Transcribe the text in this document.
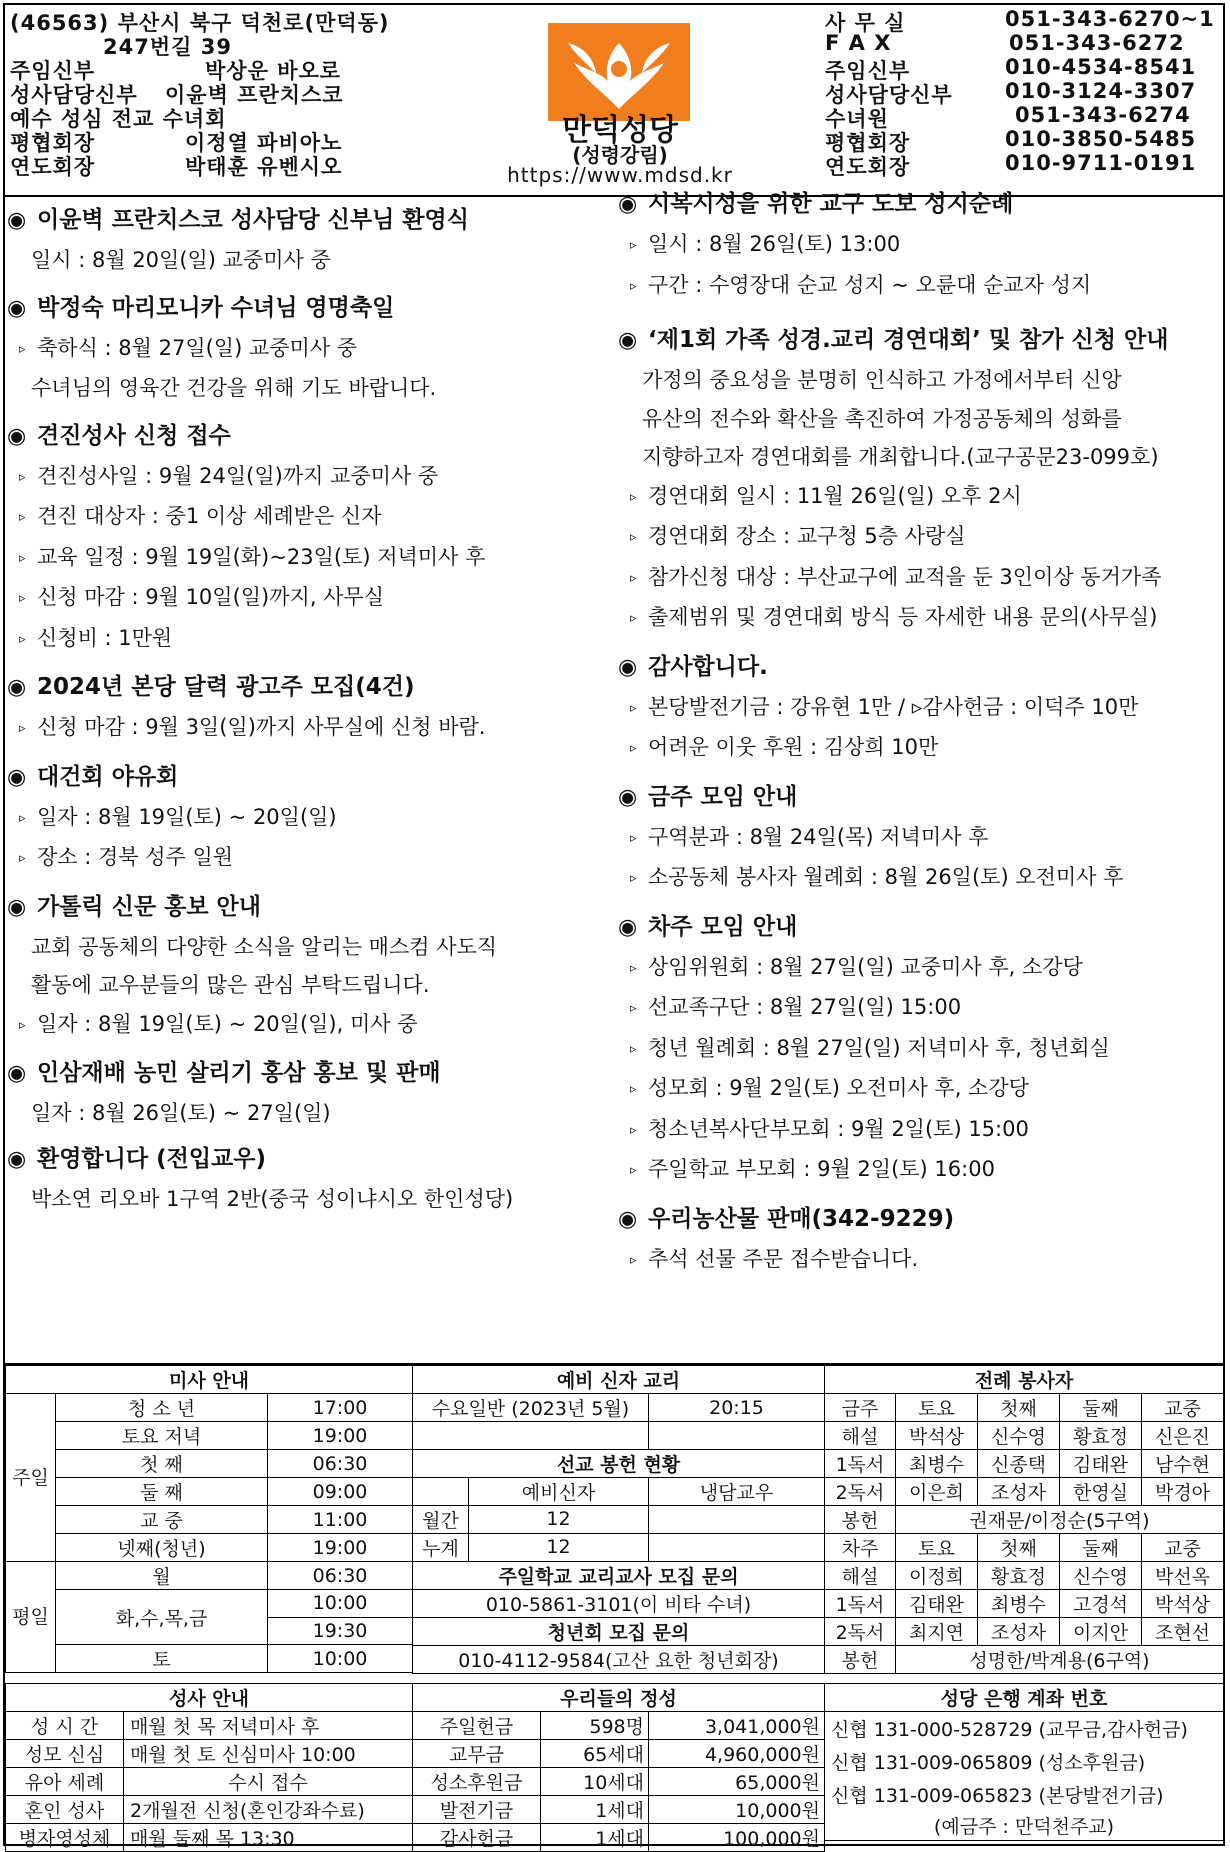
(46563) 부산시 북구 덕천로(만덕동)
247번길 39
주임신부	박상운 바오로
성사담당신부 이윤벽 프란치스코
예수 성심 전교 수녀회
평협회장	이정열 파비아노
연도회장	박태훈 유벤시오
만덕성당
(성령강림)
https://www.mdsd.kr
사 무 실	051-343-6270~1
F A X	051-343-6272
주임신부	010-4534-8541
성사담당신부 010-3124-3307
수녀원	051-343-6274
평협회장	010-3850-5485
연도회장	010-9711-0191
◉ 이윤벽 프란치스코 성사담당 신부님 환영식
일시 : 8월 20일(일) 교중미사 중
◉ 박정숙 마리모니카 수녀님 영명축일
▹ 축하식 : 8월 27일(일) 교중미사 중
수녀님의 영육간 건강을 위해 기도 바랍니다.
◉ 견진성사 신청 접수
▹ 견진성사일 : 9월 24일(일)까지 교중미사 중
▹ 견진 대상자 : 중1 이상 세례받은 신자
▹ 교육 일정 : 9월 19일(화)~23일(토) 저녁미사 후
▹ 신청 마감 : 9월 10일(일)까지, 사무실
▹ 신청비 : 1만원
◉ 2024년 본당 달력 광고주 모집(4건)
▹ 신청 마감 : 9월 3일(일)까지 사무실에 신청 바람.
◉ 대건회 야유회
▹ 일자 : 8월 19일(토) ~ 20일(일)
▹ 장소 : 경북 성주 일원
◉ 가톨릭 신문 홍보 안내
교회 공동체의 다양한 소식을 알리는 매스컴 사도직
활동에 교우분들의 많은 관심 부탁드립니다.
▹ 일자 : 8월 19일(토) ~ 20일(일), 미사 중
◉ 인삼재배 농민 살리기 홍삼 홍보 및 판매
일자 : 8월 26일(토) ~ 27일(일)
◉ 환영합니다 (전입교우)
박소연 리오바 1구역 2반(중국 성이냐시오 한인성당)
◉ 시복시성을 위한 교구 도보 성지순례
▹ 일시 : 8월 26일(토) 13:00
▹ 구간 : 수영장대 순교 성지 ~ 오륜대 순교자 성지
◉ ‘제1회 가족 성경.교리 경연대회’ 및 참가 신청 안내
가정의 중요성을 분명히 인식하고 가정에서부터 신앙
유산의 전수와 확산을 촉진하여 가정공동체의 성화를
지향하고자 경연대회를 개최합니다.(교구공문23-099호)
▹ 경연대회 일시 : 11월 26일(일) 오후 2시
▹ 경연대회 장소 : 교구청 5층 사랑실
▹ 참가신청 대상 : 부산교구에 교적을 둔 3인이상 동거가족
▹ 출제범위 및 경연대회 방식 등 자세한 내용 문의(사무실)
◉ 감사합니다.
▹ 본당발전기금 : 강유현 1만 / ▹감사헌금 : 이덕주 10만
▹ 어려운 이웃 후원 : 김상희 10만
◉ 금주 모임 안내
▹ 구역분과 : 8월 24일(목) 저녁미사 후
▹ 소공동체 봉사자 월례회 : 8월 26일(토) 오전미사 후
◉ 차주 모임 안내
▹ 상임위원회 : 8월 27일(일) 교중미사 후, 소강당
▹ 선교족구단 : 8월 27일(일) 15:00
▹ 청년 월례회 : 8월 27일(일) 저녁미사 후, 청년회실
▹ 성모회 : 9월 2일(토) 오전미사 후, 소강당
▹ 청소년복사단부모회 : 9월 2일(토) 15:00
▹ 주일학교 부모회 : 9월 2일(토) 16:00
◉ 우리농산물 판매(342-9229)
▹ 추석 선물 주문 접수받습니다.
미사 안내		
주일	청 소 년	17:00
	토요 저녁	19:00
	첫 째	06:30
	둘 째	09:00
	교 중	11:00
	넷째(청년)	19:00
평일	월	06:30
	화,수,목,금	10:00
		19:30
	토	10:00
예비 신자 교리		
수요일반 (2023년 5월)		20:15

선교 봉헌 현황		
	예비신자	냉담교우
월간	12	
누계	12	
주일학교 교리교사 모집 문의		
010-5861-3101(이 비타 수녀)		
청년회 모집 문의		
010-4112-9584(고산 요한 청년회장)		
전례 봉사자				
금주	토요	첫째	둘째	교중
해설	박석상	신수영	황효정	신은진
1독서	최병수	신종택	김태완	남수현
2독서	이은희	조성자	한영실	박경아
봉헌	권재문/이정순(5구역)			
차주	토요	첫째	둘째	교중
해설	이정희	황효정	신수영	박선옥
1독서	김태완	최병수	고경석	박석상
2독서	최지연	조성자	이지안	조현선
봉헌	성명한/박계용(6구역)			
성사 안내	
성 시 간	매월 첫 목 저녁미사 후
성모 신심	매월 첫 토 신심미사 10:00
유아 세례	수시 접수
혼인 성사	2개월전 신청(혼인강좌수료)
병자영성체	매월 둘째 목 13:30
우리들의 정성		
주일헌금	598명	3,041,000원
교무금	65세대	4,960,000원
성소후원금	10세대	65,000원
발전기금	1세대	10,000원
감사헌금	1세대	100,000원
성당 은행 계좌 번호
신협 131-000-528729 (교무금,감사헌금)
신협 131-009-065809 (성소후원금)
신협 131-009-065823 (본당발전기금)
(예금주 : 만덕천주교)
